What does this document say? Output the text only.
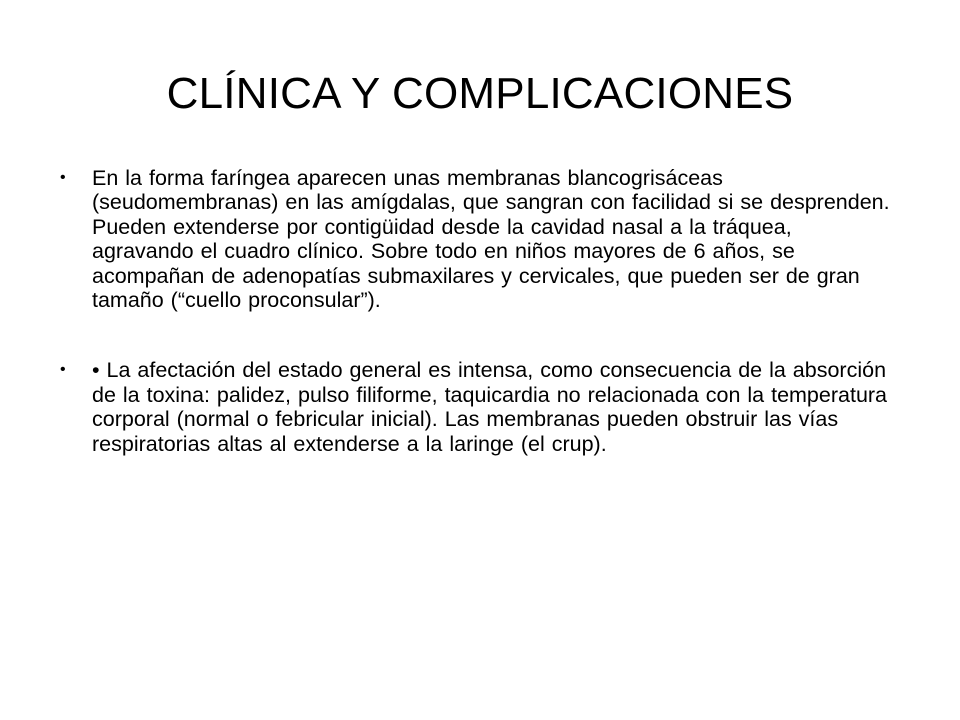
CLÍNICA Y COMPLICACIONES
•	En la forma faríngea aparecen unas membranas blancogrisáceas (seudomembranas) en las amígdalas, que sangran con facilidad si se desprenden. Pueden extenderse por contigüidad desde la cavidad nasal a la tráquea, agravando el cuadro clínico. Sobre todo en niños mayores de 6 años, se acompañan de adenopatías submaxilares y cervicales, que pueden ser de gran tamaño (“cuello proconsular”).
•	• La afectación del estado general es intensa, como consecuencia de la absorción de la toxina: palidez, pulso filiforme, taquicardia no relacionada con la temperatura corporal (normal o febricular inicial). Las membranas pueden obstruir las vías respiratorias altas al extenderse a la laringe (el crup).
